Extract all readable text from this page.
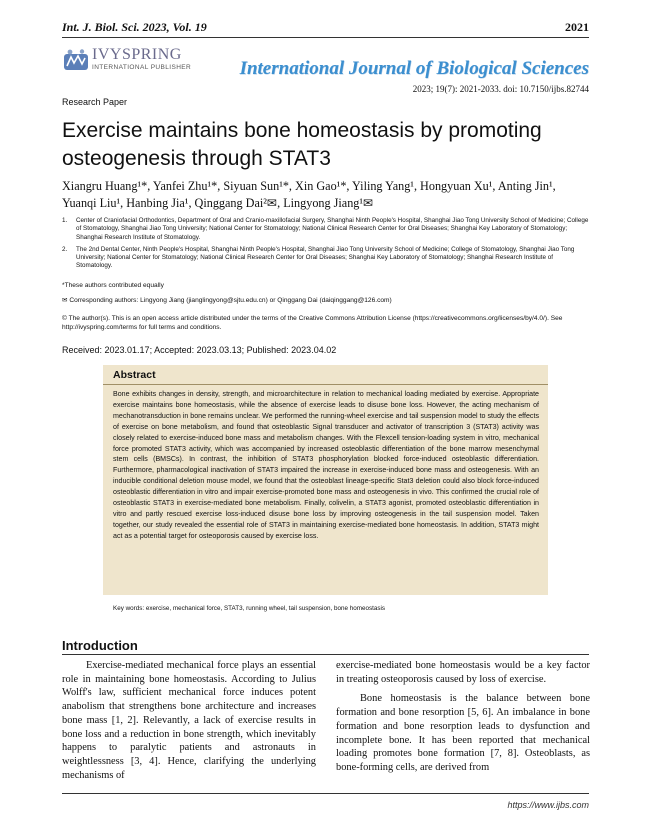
Int. J. Biol. Sci. 2023, Vol. 19	2021
IVYSPRING
INTERNATIONAL PUBLISHER	International Journal of Biological Sciences
2023; 19(7): 2021-2033. doi: 10.7150/ijbs.82744
Research Paper
Exercise maintains bone homeostasis by promoting osteogenesis through STAT3
Xiangru Huang¹*, Yanfei Zhu¹*, Siyuan Sun¹*, Xin Gao¹*, Yiling Yang¹, Hongyuan Xu¹, Anting Jin¹, Yuanqi Liu¹, Hanbing Jia¹, Qinggang Dai²✉, Lingyong Jiang¹✉
1.	Center of Craniofacial Orthodontics, Department of Oral and Cranio-maxillofacial Surgery, Shanghai Ninth People's Hospital, Shanghai Jiao Tong University School of Medicine; College of Stomatology, Shanghai Jiao Tong University; National Center for Stomatology; National Clinical Research Center for Oral Diseases; Shanghai Key Laboratory of Stomatology; Shanghai Research Institute of Stomatology.
2.	The 2nd Dental Center, Ninth People's Hospital, Shanghai Ninth People's Hospital, Shanghai Jiao Tong University School of Medicine; College of Stomatology, Shanghai Jiao Tong University; National Center for Stomatology; National Clinical Research Center for Oral Diseases; Shanghai Key Laboratory of Stomatology; Shanghai Research Institute of Stomatology.
*These authors contributed equally
✉ Corresponding authors: Lingyong Jiang (jianglingyong@sjtu.edu.cn) or Qinggang Dai (daiqinggang@126.com)
© The author(s). This is an open access article distributed under the terms of the Creative Commons Attribution License (https://creativecommons.org/licenses/by/4.0/). See http://ivyspring.com/terms for full terms and conditions.
Received: 2023.01.17; Accepted: 2023.03.13; Published: 2023.04.02
Abstract
Bone exhibits changes in density, strength, and microarchitecture in relation to mechanical loading mediated by exercise. Appropriate exercise maintains bone homeostasis, while the absence of exercise leads to disuse bone loss. However, the acting mechanism of mechanotransduction in bone remains unclear. We performed the running-wheel exercise and tail suspension model to study the effects of exercise on bone metabolism, and found that osteoblastic Signal transducer and activator of transcription 3 (STAT3) activity was closely related to exercise-induced bone mass and metabolism changes. With the Flexcell tension-loading system in vitro, mechanical force promoted STAT3 activity, which was accompanied by increased osteoblastic differentiation of the bone marrow mesenchymal stem cells (BMSCs). In contrast, the inhibition of STAT3 phosphorylation blocked force-induced osteoblastic differentiation. Furthermore, pharmacological inactivation of STAT3 impaired the increase in exercise-induced bone mass and osteogenesis. With an inducible conditional deletion mouse model, we found that the osteoblast lineage-specific Stat3 deletion could also block force-induced osteoblastic differentiation in vitro and impair exercise-promoted bone mass and osteogenesis in vivo. This confirmed the crucial role of osteoblastic STAT3 in exercise-mediated bone metabolism. Finally, colivelin, a STAT3 agonist, promoted osteoblastic differentiation in vitro and partly rescued exercise loss-induced disuse bone loss by improving osteogenesis in the tail suspension model. Taken together, our study revealed the essential role of STAT3 in maintaining exercise-mediated bone homeostasis. In addition, STAT3 might act as a potential target for osteoporosis caused by exercise loss.
Key words: exercise, mechanical force, STAT3, running wheel, tail suspension, bone homeostasis
Introduction
Exercise-mediated mechanical force plays an essential role in maintaining bone homeostasis. According to Julius Wolff's law, sufficient mechanical force induces potent anabolism that strengthens bone architecture and increases bone mass [1, 2]. Relevantly, a lack of exercise results in bone loss and a reduction in bone strength, which inevitably happens to paralytic patients and astronauts in weightlessness [3, 4]. Hence, clarifying the underlying mechanisms of
exercise-mediated bone homeostasis would be a key factor in treating osteoporosis caused by loss of exercise.
Bone homeostasis is the balance between bone formation and bone resorption [5, 6]. An imbalance in bone formation and bone resorption leads to dysfunction and incomplete bone. It has been reported that mechanical loading promotes bone formation [7, 8]. Osteoblasts, as bone-forming cells, are derived from
https://www.ijbs.com
